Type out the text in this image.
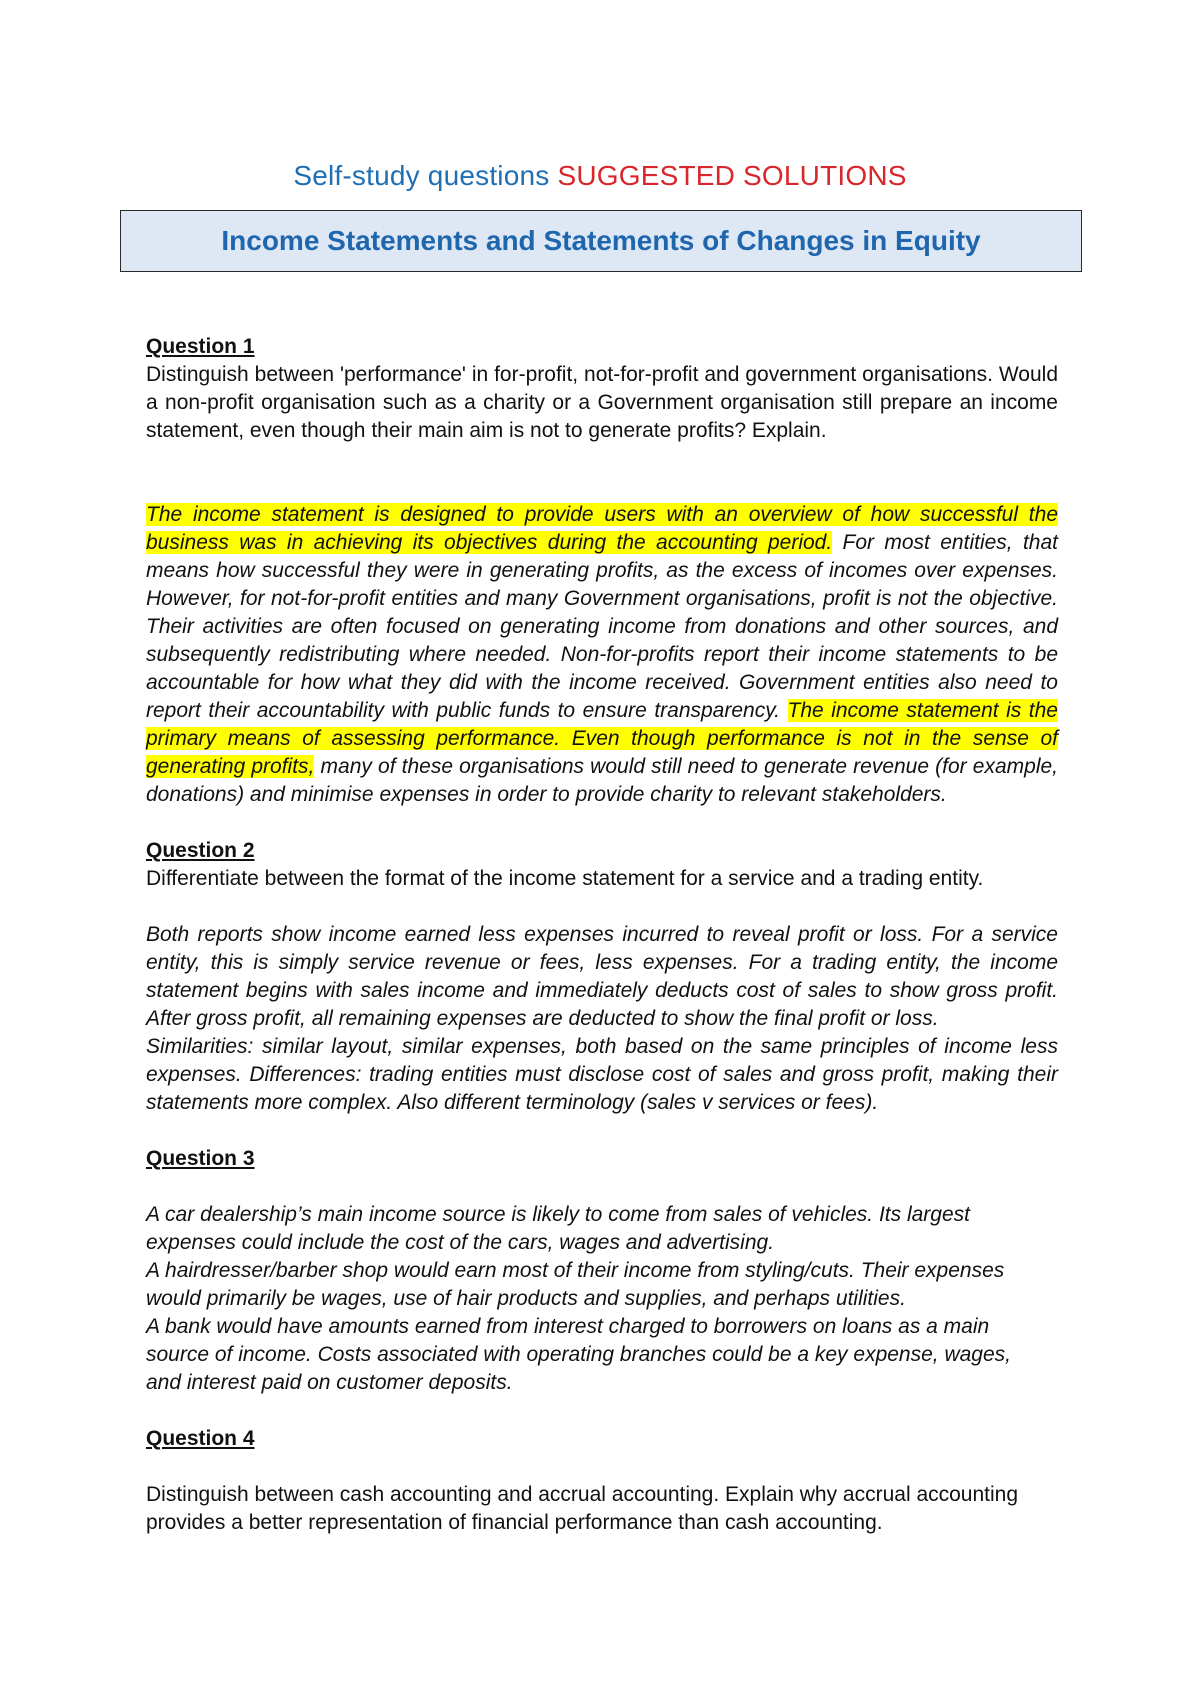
Self-study questions SUGGESTED SOLUTIONS
Income Statements and Statements of Changes in Equity

Question 1

Distinguish between 'performance' in for-profit, not-for-profit and government organisations. Would a non-profit organisation such as a charity or a Government organisation still prepare an income statement, even though their main aim is not to generate profits? Explain.

The income statement is designed to provide users with an overview of how successful the business was in achieving its objectives during the accounting period. For most entities, that means how successful they were in generating profits, as the excess of incomes over expenses. However, for not-for-profit entities and many Government organisations, profit is not the objective. Their activities are often focused on generating income from donations and other sources, and subsequently redistributing where needed. Non-for-profits report their income statements to be accountable for how what they did with the income received. Government entities also need to report their accountability with public funds to ensure transparency. The income statement is the primary means of assessing performance. Even though performance is not in the sense of generating profits, many of these organisations would still need to generate revenue (for example, donations) and minimise expenses in order to provide charity to relevant stakeholders.

Question 2

Differentiate between the format of the income statement for a service and a trading entity.

Both reports show income earned less expenses incurred to reveal profit or loss. For a service entity, this is simply service revenue or fees, less expenses. For a trading entity, the income statement begins with sales income and immediately deducts cost of sales to show gross profit. After gross profit, all remaining expenses are deducted to show the final profit or loss.

Similarities: similar layout, similar expenses, both based on the same principles of income less expenses. Differences: trading entities must disclose cost of sales and gross profit, making their statements more complex. Also different terminology (sales v services or fees).

Question 3

A car dealership’s main income source is likely to come from sales of vehicles. Its largest expenses could include the cost of the cars, wages and advertising.

A hairdresser/barber shop would earn most of their income from styling/cuts. Their expenses would primarily be wages, use of hair products and supplies, and perhaps utilities.

A bank would have amounts earned from interest charged to borrowers on loans as a main source of income. Costs associated with operating branches could be a key expense, wages, and interest paid on customer deposits.

Question 4

Distinguish between cash accounting and accrual accounting. Explain why accrual accounting provides a better representation of financial performance than cash accounting.
